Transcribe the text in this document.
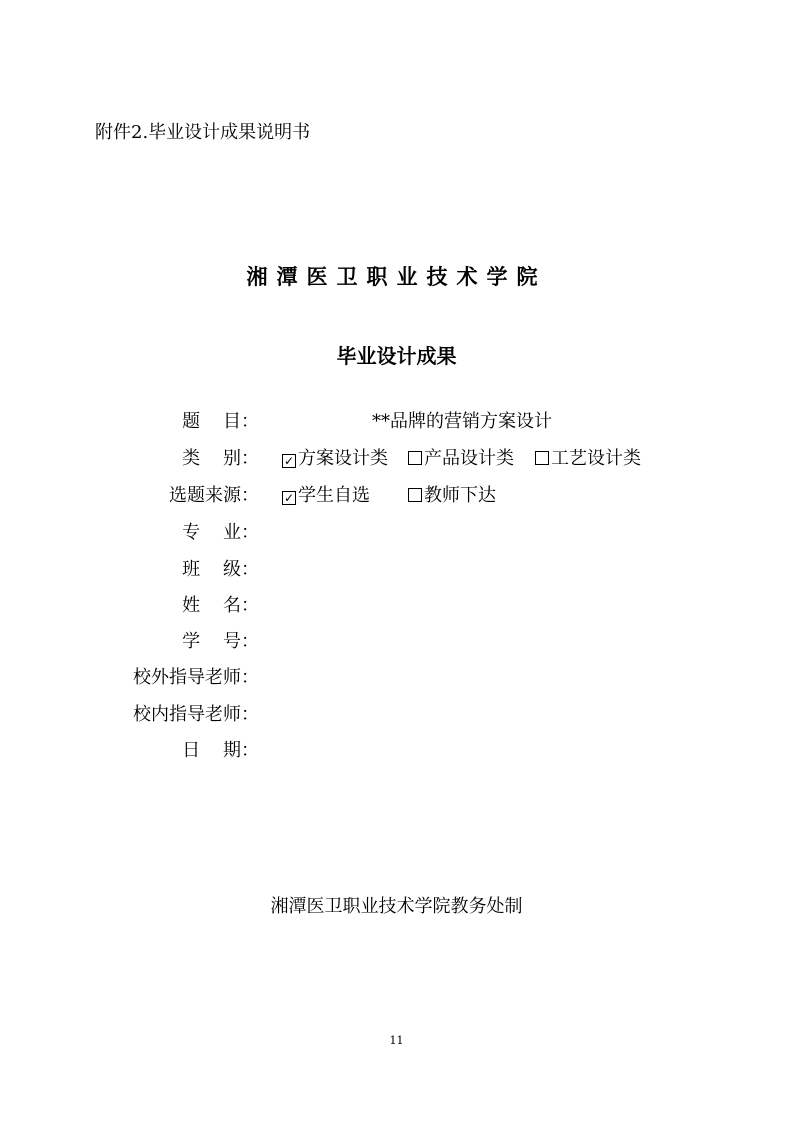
附件2.毕业设计成果说明书
湘潭医卫职业技术学院
毕业设计成果
题    目：	**品牌的营销方案设计
类    别： ✓ 方案设计类	产品设计类	工艺设计类
选题来源： ✓ 学生自选	教师下达
专    业：
班    级：
姓    名：
学    号：
校外指导老师：
校内指导老师：
日    期：
湘潭医卫职业技术学院教务处制
11
